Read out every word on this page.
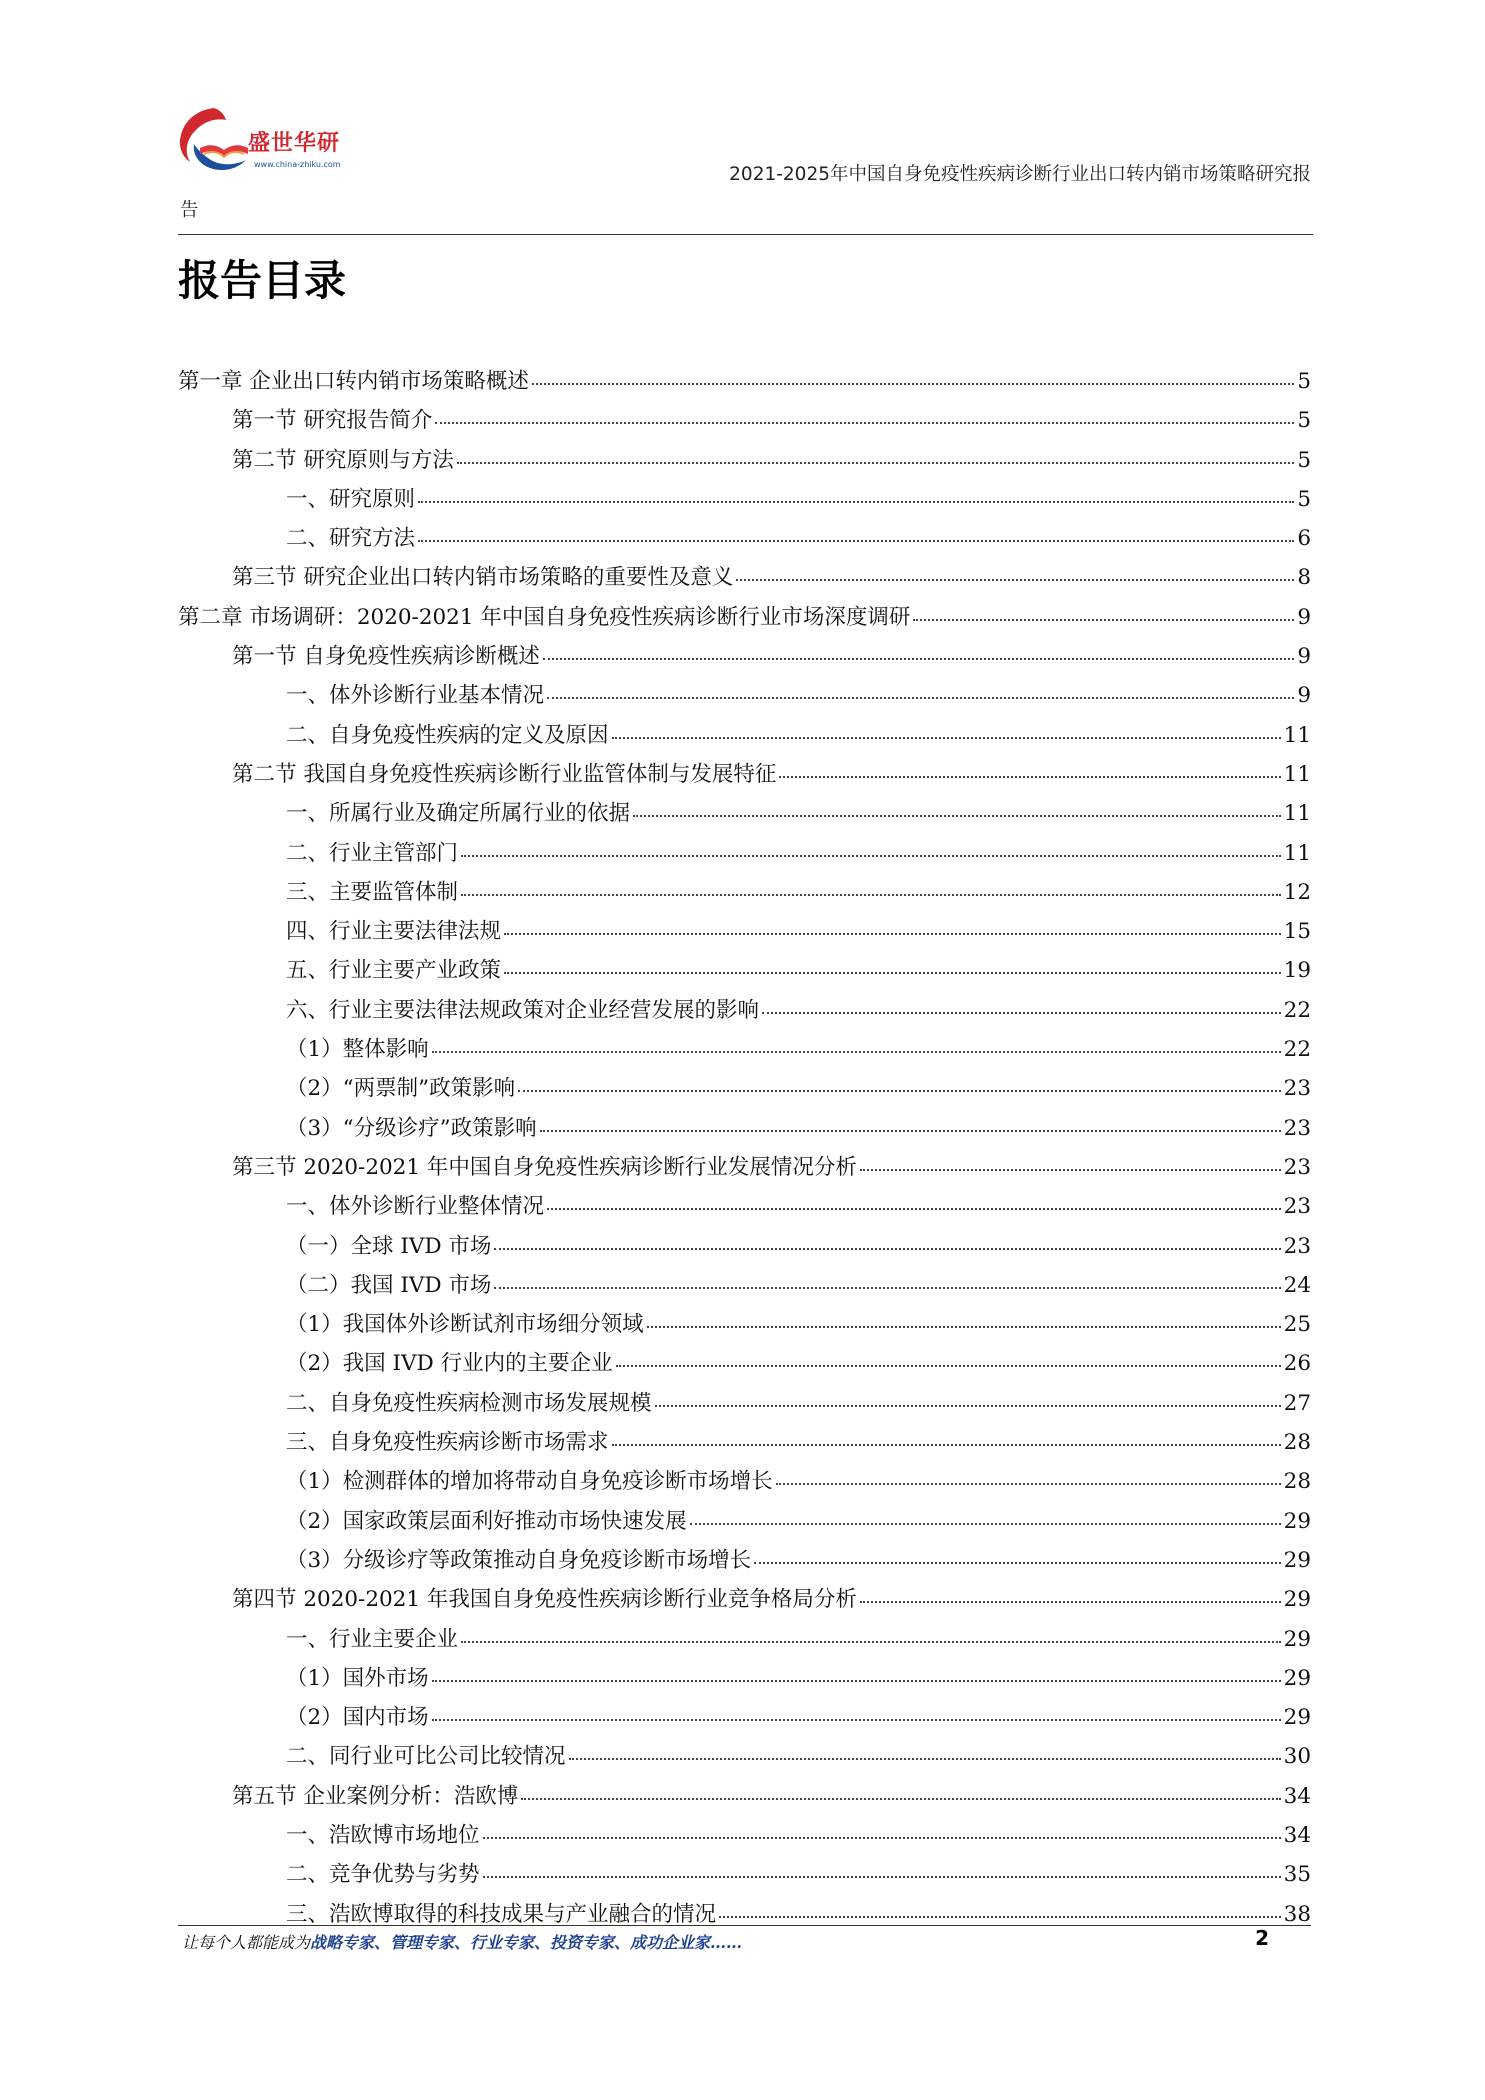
盛世华研
www.china-zhiku.com	2021-2025年中国自身免疫性疾病诊断行业出口转内销市场策略研究报
告
报告目录
第一章 企业出口转内销市场策略概述	5
第一节 研究报告简介	5
第二节 研究原则与方法	5
一、研究原则	5
二、研究方法	6
第三节 研究企业出口转内销市场策略的重要性及意义	8
第二章 市场调研：2020-2021 年中国自身免疫性疾病诊断行业市场深度调研	9
第一节 自身免疫性疾病诊断概述	9
一、体外诊断行业基本情况	9
二、自身免疫性疾病的定义及原因	11
第二节 我国自身免疫性疾病诊断行业监管体制与发展特征	11
一、所属行业及确定所属行业的依据	11
二、行业主管部门	11
三、主要监管体制	12
四、行业主要法律法规	15
五、行业主要产业政策	19
六、行业主要法律法规政策对企业经营发展的影响	22
（1）整体影响	22
（2）“两票制”政策影响	23
（3）“分级诊疗”政策影响	23
第三节 2020-2021 年中国自身免疫性疾病诊断行业发展情况分析	23
一、体外诊断行业整体情况	23
（一）全球 IVD 市场	23
（二）我国 IVD 市场	24
（1）我国体外诊断试剂市场细分领域	25
（2）我国 IVD 行业内的主要企业	26
二、自身免疫性疾病检测市场发展规模	27
三、自身免疫性疾病诊断市场需求	28
（1）检测群体的增加将带动自身免疫诊断市场增长	28
（2）国家政策层面利好推动市场快速发展	29
（3）分级诊疗等政策推动自身免疫诊断市场增长	29
第四节 2020-2021 年我国自身免疫性疾病诊断行业竞争格局分析	29
一、行业主要企业	29
（1）国外市场	29
（2）国内市场	29
二、同行业可比公司比较情况	30
第五节 企业案例分析：浩欧博	34
一、浩欧博市场地位	34
二、竞争优势与劣势	35
三、浩欧博取得的科技成果与产业融合的情况	38
让每个人都能成为战略专家、管理专家、行业专家、投资专家、成功企业家……	2
